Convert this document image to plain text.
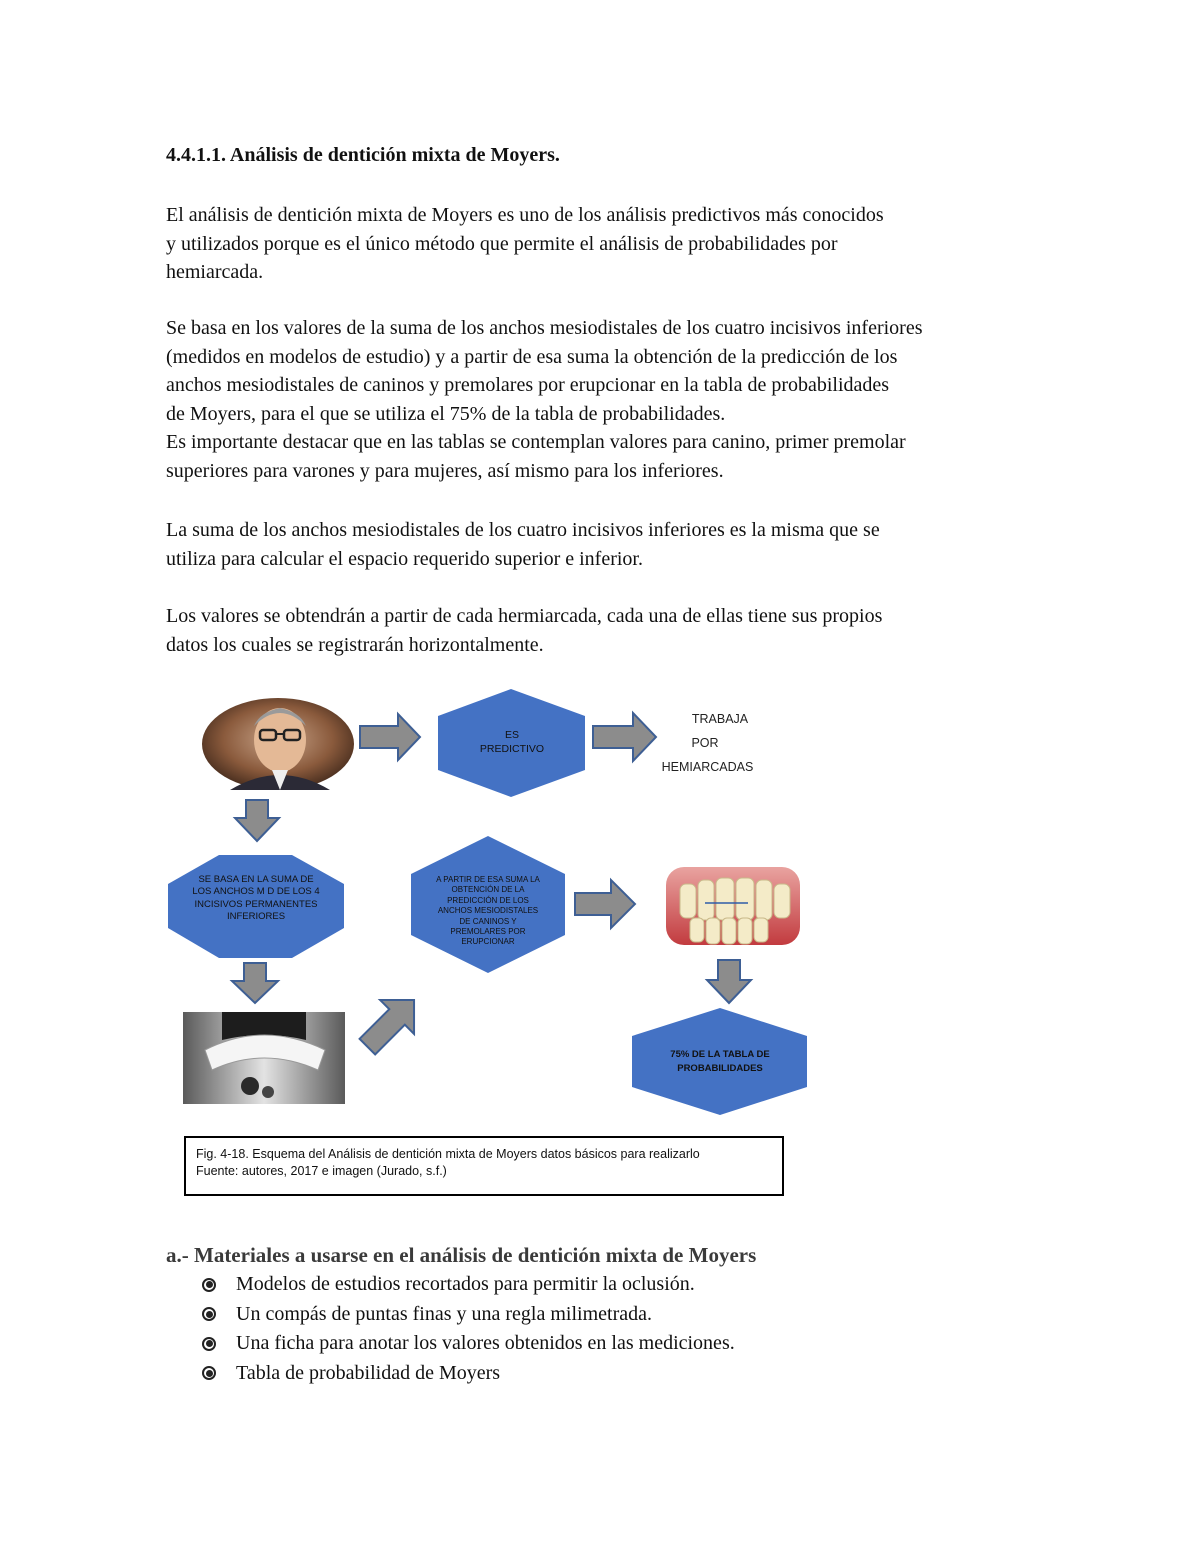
4.4.1.1. Análisis de dentición mixta de Moyers.

El análisis de dentición mixta de Moyers es uno de los análisis predictivos más conocidos
y utilizados porque es el único método que permite el análisis de probabilidades por
hemiarcada.

Se basa en los valores de la suma de los anchos mesiodistales de los cuatro incisivos inferiores
(medidos en modelos de estudio) y a partir de esa suma la obtención de la predicción de los
anchos mesiodistales de caninos y premolares por erupcionar en la tabla de probabilidades
de Moyers, para el que se utiliza el 75% de la tabla de probabilidades.
Es importante destacar que en las tablas se contemplan valores para canino, primer premolar
superiores para varones y para mujeres, así mismo para los inferiores.

La suma de los anchos mesiodistales de los cuatro incisivos inferiores es la misma que se
utiliza para calcular el espacio requerido superior e inferior.

Los valores se obtendrán a partir de cada hermiarcada, cada una de ellas tiene sus propios
datos los cuales se registrarán horizontalmente.

ES PREDICTIVO

TRABAJA

POR

HEMIARCADAS

SE BASA EN LA SUMA DE LOS ANCHOS M D DE LOS 4 INCISIVOS PERMANENTES INFERIORES

A PARTIR DE ESA SUMA LA OBTENCIÓN DE LA PREDICCIÓN DE LOS ANCHOS MESIODISTALES DE CANINOS Y PREMOLARES POR ERUPCIONAR

75% DE LA TABLA DE PROBABILIDADES

Fig. 4-18. Esquema del Análisis de dentición mixta de Moyers datos básicos para realizarlo
Fuente: autores, 2017 e imagen (Jurado, s.f.)
a.- Materiales a usarse en el análisis de dentición mixta de Moyers
Modelos de estudios recortados para permitir la oclusión.
Un compás de puntas finas y una regla milimetrada.
Una ficha para anotar los valores obtenidos en las mediciones.
Tabla de probabilidad de Moyers
